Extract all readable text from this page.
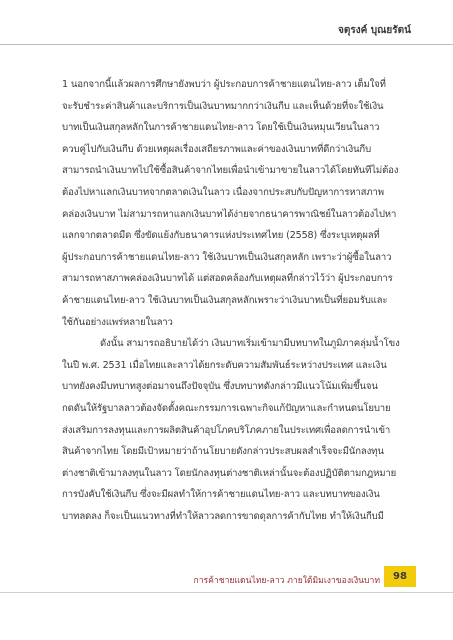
จตุรงค์ บุณยรัตน์
1 นอกจากนี้แล้วผลการศึกษายังพบว่า ผู้ประกอบการค้าชายแดนไทย-ลาว เต็มใจที่
จะรับชำระค่าสินค้าและบริการเป็นเงินบาทมากกว่าเงินกีบ และเห็นด้วยที่จะใช้เงิน
บาทเป็นเงินสกุลหลักในการค้าชายแดนไทย-ลาว โดยใช้เป็นเงินหมุนเวียนในลาว
ควบคู่ไปกับเงินกีบ ด้วยเหตุผลเรื่องเสถียรภาพและค่าของเงินบาทที่ดีกว่าเงินกีบ
สามารถนำเงินบาทไปใช้ซื้อสินค้าจากไทยเพื่อนำเข้ามาขายในลาวได้โดยทันทีไม่ต้อง
ต้องไปหาแลกเงินบาทจากตลาดเงินในลาว เนื่องจากประสบกับปัญหาการหาสภาพ
คล่องเงินบาท ไม่สามารถหาแลกเงินบาทได้ง่ายจากธนาคารพาณิชย์ในลาวต้องไปหา
แลกจากตลาดมืด ซึ่งขัดแย้งกับธนาคารแห่งประเทศไทย (2558) ซึ่งระบุเหตุผลที่
ผู้ประกอบการค้าชายแดนไทย-ลาว ใช้เงินบาทเป็นเงินสกุลหลัก เพราะว่าผู้ซื้อในลาว
สามารถหาสภาพคล่องเงินบาทได้ แต่สอดคล้องกับเหตุผลที่กล่าวไว้ว่า ผู้ประกอบการ
ค้าชายแดนไทย-ลาว ใช้เงินบาทเป็นเงินสกุลหลักเพราะว่าเงินบาทเป็นที่ยอมรับและ
ใช้กันอย่างแพร่หลายในลาว
ดังนั้น สามารถอธิบายได้ว่า เงินบาทเริ่มเข้ามามีบทบาทในภูมิภาคลุ่มน้ำโขง
ในปี พ.ศ. 2531 เมื่อไทยและลาวได้ยกระดับความสัมพันธ์ระหว่างประเทศ และเงิน
บาทยังคงมีบทบาทสูงต่อมาจนถึงปัจจุบัน ซึ่งบทบาทดังกล่าวมีแนวโน้มเพิ่มขึ้นจน
กดดันให้รัฐบาลลาวต้องจัดตั้งคณะกรรมการเฉพาะกิจแก้ปัญหาและกำหนดนโยบาย
ส่งเสริมการลงทุนและการผลิตสินค้าอุปโภคบริโภคภายในประเทศเพื่อลดการนำเข้า
สินค้าจากไทย โดยมีเป้าหมายว่าถ้านโยบายดังกล่าวประสบผลสำเร็จจะมีนักลงทุน
ต่างชาติเข้ามาลงทุนในลาว โดยนักลงทุนต่างชาติเหล่านั้นจะต้องปฏิบัติตามกฎหมาย
การบังคับใช้เงินกีบ ซึ่งจะมีผลทำให้การค้าชายแดนไทย-ลาว และบทบาทของเงิน
บาทลดลง ก็จะเป็นแนวทางที่ทำให้ลาวลดการขาดดุลการค้ากับไทย ทำให้เงินกีบมี
การค้าชายแดนไทย-ลาว ภายใต้มิมเงาของเงินบาท	98
